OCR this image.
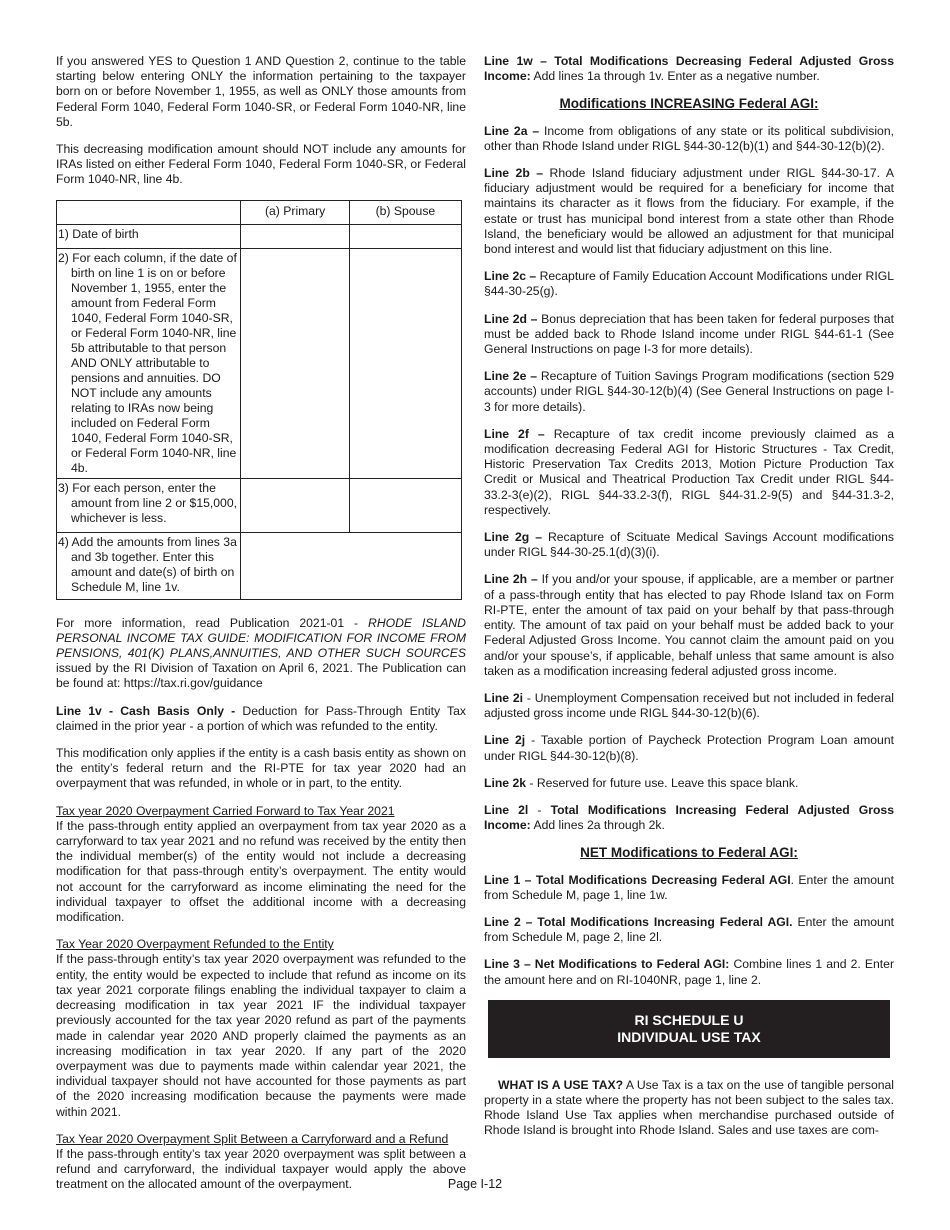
If you answered YES to Question 1 AND Question 2, continue to the table starting below entering ONLY the information pertaining to the taxpayer born on or before November 1, 1955, as well as ONLY those amounts from Federal Form 1040, Federal Form 1040-SR, or Federal Form 1040-NR, line 5b.

This decreasing modification amount should NOT include any amounts for IRAs listed on either Federal Form 1040, Federal Form 1040-SR, or Federal Form 1040-NR, line 4b.

	(a) Primary	(b) Spouse
1) Date of birth		
2) For each column, if the date of birth on line 1 is on or before November 1, 1955, enter the amount from Federal Form 1040, Federal Form 1040-SR, or Federal Form 1040-NR, line 5b attributable to that person AND ONLY attributable to pensions and annuities. DO NOT include any amounts relating to IRAs now being included on Federal Form 1040, Federal Form 1040-SR, or Federal Form 1040-NR, line 4b.		
3) For each person, enter the amount from line 2 or $15,000, whichever is less.		
4) Add the amounts from lines 3a and 3b together. Enter this amount and date(s) of birth on Schedule M, line 1v.		

For more information, read Publication 2021-01 - RHODE ISLAND PERSONAL INCOME TAX GUIDE: MODIFICATION FOR INCOME FROM PENSIONS, 401(K) PLANS,ANNUITIES, AND OTHER SUCH SOURCES issued by the RI Division of Taxation on April 6, 2021. The Publication can be found at: https://tax.ri.gov/guidance

Line 1v - Cash Basis Only - Deduction for Pass-Through Entity Tax claimed in the prior year - a portion of which was refunded to the entity.

This modification only applies if the entity is a cash basis entity as shown on the entity’s federal return and the RI-PTE for tax year 2020 had an overpayment that was refunded, in whole or in part, to the entity.

Tax year 2020 Overpayment Carried Forward to Tax Year 2021
If the pass-through entity applied an overpayment from tax year 2020 as a carryforward to tax year 2021 and no refund was received by the entity then the individual member(s) of the entity would not include a decreasing modification for that pass-through entity’s overpayment. The entity would not account for the carryforward as income eliminating the need for the individual taxpayer to offset the additional income with a decreasing modification.

Tax Year 2020 Overpayment Refunded to the Entity
If the pass-through entity’s tax year 2020 overpayment was refunded to the entity, the entity would be expected to include that refund as income on its tax year 2021 corporate filings enabling the individual taxpayer to claim a decreasing modification in tax year 2021 IF the individual taxpayer previously accounted for the tax year 2020 refund as part of the payments made in calendar year 2020 AND properly claimed the payments as an increasing modification in tax year 2020. If any part of the 2020 overpayment was due to payments made within calendar year 2021, the individual taxpayer should not have accounted for those payments as part of the 2020 increasing modification because the payments were made within 2021.

Tax Year 2020 Overpayment Split Between a Carryforward and a Refund
If the pass-through entity’s tax year 2020 overpayment was split between a refund and carryforward, the individual taxpayer would apply the above treatment on the allocated amount of the overpayment.

Line 1w – Total Modifications Decreasing Federal Adjusted Gross Income: Add lines 1a through 1v. Enter as a negative number.

Modifications INCREASING Federal AGI:

Line 2a – Income from obligations of any state or its political subdivision, other than Rhode Island under RIGL §44-30-12(b)(1) and §44-30-12(b)(2).

Line 2b – Rhode Island fiduciary adjustment under RIGL §44-30-17. A fiduciary adjustment would be required for a beneficiary for income that maintains its character as it flows from the fiduciary. For example, if the estate or trust has municipal bond interest from a state other than Rhode Island, the beneficiary would be allowed an adjustment for that municipal bond interest and would list that fiduciary adjustment on this line.

Line 2c – Recapture of Family Education Account Modifications under RIGL §44-30-25(g).

Line 2d – Bonus depreciation that has been taken for federal purposes that must be added back to Rhode Island income under RIGL §44-61-1 (See General Instructions on page I-3 for more details).

Line 2e – Recapture of Tuition Savings Program modifications (section 529 accounts) under RIGL §44-30-12(b)(4) (See General Instructions on page I-3 for more details).

Line 2f – Recapture of tax credit income previously claimed as a modification decreasing Federal AGI for Historic Structures - Tax Credit, Historic Preservation Tax Credits 2013, Motion Picture Production Tax Credit or Musical and Theatrical Production Tax Credit under RIGL §44-33.2-3(e)(2), RIGL §44-33.2-3(f), RIGL §44-31.2-9(5) and §44-31.3-2, respectively.

Line 2g – Recapture of Scituate Medical Savings Account modifications under RIGL §44-30-25.1(d)(3)(i).

Line 2h – If you and/or your spouse, if applicable, are a member or partner of a pass-through entity that has elected to pay Rhode Island tax on Form RI-PTE, enter the amount of tax paid on your behalf by that pass-through entity. The amount of tax paid on your behalf must be added back to your Federal Adjusted Gross Income. You cannot claim the amount paid on you and/or your spouse’s, if applicable, behalf unless that same amount is also taken as a modification increasing federal adjusted gross income.

Line 2i - Unemployment Compensation received but not included in federal adjusted gross income unde RIGL §44-30-12(b)(6).

Line 2j - Taxable portion of Paycheck Protection Program Loan amount under RIGL §44-30-12(b)(8).

Line 2k - Reserved for future use. Leave this space blank.

Line 2l - Total Modifications Increasing Federal Adjusted Gross Income: Add lines 2a through 2k.

NET Modifications to Federal AGI:

Line 1 – Total Modifications Decreasing Federal AGI. Enter the amount from Schedule M, page 1, line 1w.

Line 2 – Total Modifications Increasing Federal AGI. Enter the amount from Schedule M, page 2, line 2l.

Line 3 – Net Modifications to Federal AGI: Combine lines 1 and 2. Enter the amount here and on RI-1040NR, page 1, line 2.

RI SCHEDULE U
INDIVIDUAL USE TAX

WHAT IS A USE TAX? A Use Tax is a tax on the use of tangible personal property in a state where the property has not been subject to the sales tax. Rhode Island Use Tax applies when merchandise purchased outside of Rhode Island is brought into Rhode Island. Sales and use taxes are com-

Page I-12
